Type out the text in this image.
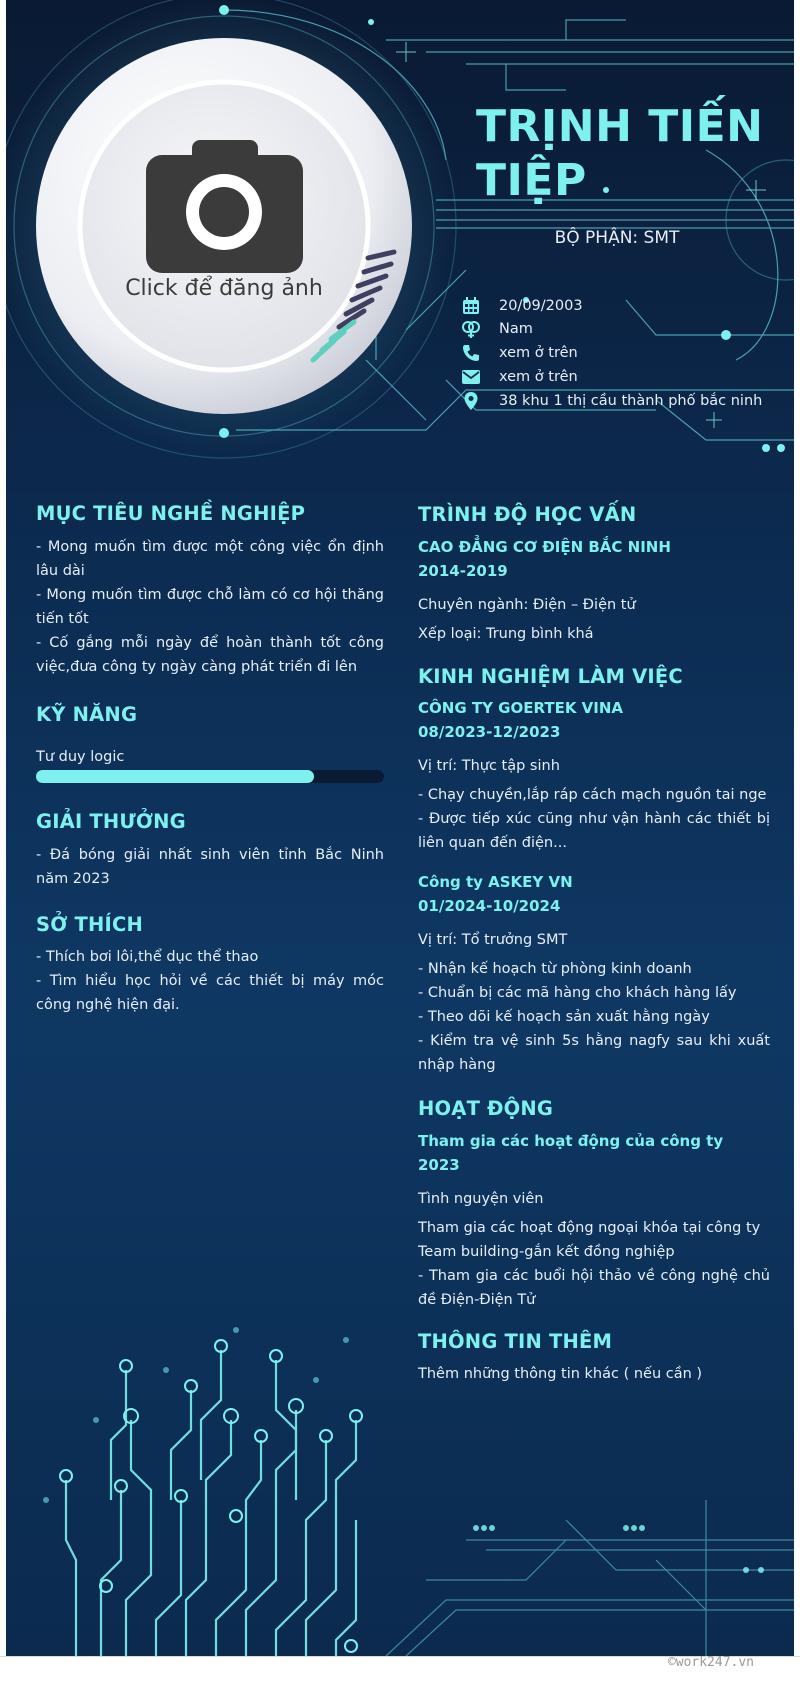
Click để đăng ảnh
TRỊNH TIẾN TIỆP
BỘ PHẬN: SMT
20/09/2003
Nam
xem ở trên
xem ở trên
38 khu 1 thị cầu thành phố bắc ninh
MỤC TIÊU NGHỀ NGHIỆP
- Mong muốn tìm được một công việc ổn định lâu dài
- Mong muốn tìm được chỗ làm có cơ hội thăng tiến tốt
- Cố gắng mỗi ngày để hoàn thành tốt công việc,đưa công ty ngày càng phát triển đi lên
KỸ NĂNG
Tư duy logic
GIẢI THƯỞNG
- Đá bóng giải nhất sinh viên tỉnh Bắc Ninh năm 2023
SỞ THÍCH
- Thích bơi lôi,thể dục thể thao
- Tìm hiểu học hỏi về các thiết bị máy móc công nghệ hiện đại.
TRÌNH ĐỘ HỌC VẤN
CAO ĐẲNG CƠ ĐIỆN BẮC NINH
2014-2019
Chuyên ngành: Điện – Điện tử
Xếp loại: Trung bình khá
KINH NGHIỆM LÀM VIỆC
CÔNG TY GOERTEK VINA
08/2023-12/2023
Vị trí: Thực tập sinh
- Chạy chuyền,lắp ráp cách mạch nguồn tai nge
- Được tiếp xúc cũng như vận hành các thiết bị liên quan đến điện...
Công ty ASKEY VN
01/2024-10/2024
Vị trí: Tổ trưởng SMT
- Nhận kế hoạch từ phòng kinh doanh
- Chuẩn bị các mã hàng cho khách hàng lấy
- Theo dõi kế hoạch sản xuất hằng ngày
- Kiểm tra vệ sinh 5s hằng nagfy sau khi xuất nhập hàng
HOẠT ĐỘNG
Tham gia các hoạt động của công ty
2023
Tình nguyện viên
Tham gia các hoạt động ngoại khóa tại công ty
Team building-gắn kết đồng nghiệp
- Tham gia các buổi hội thảo về công nghệ chủ đề Điện-Điện Tử
THÔNG TIN THÊM
Thêm những thông tin khác ( nếu cần )
©work247.vn
